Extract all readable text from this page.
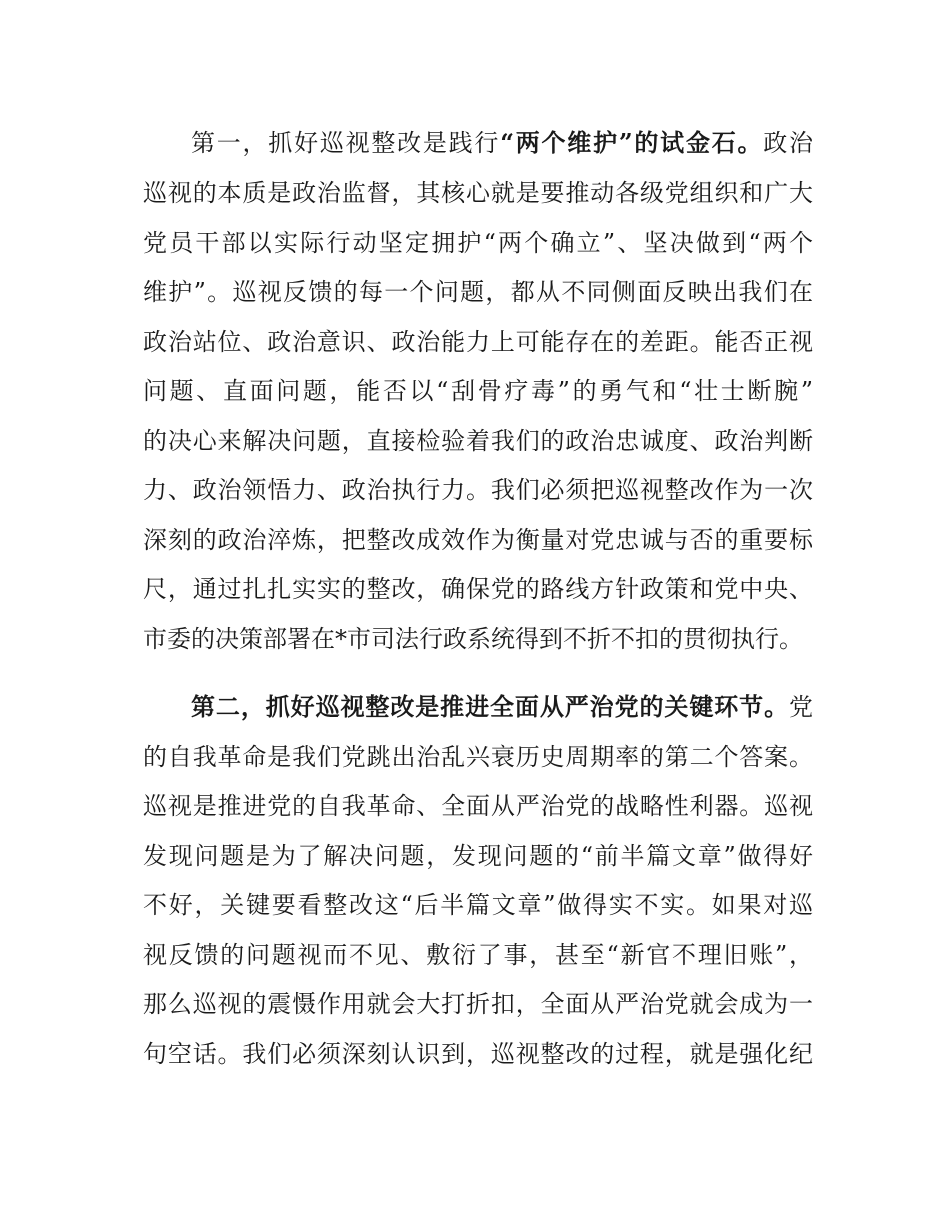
第一，抓好巡视整改是践行“两个维护”的试金石。政治
巡视的本质是政治监督，其核心就是要推动各级党组织和广大
党员干部以实际行动坚定拥护“两个确立”、坚决做到“两个
维护”。巡视反馈的每一个问题，都从不同侧面反映出我们在
政治站位、政治意识、政治能力上可能存在的差距。能否正视
问题、直面问题，能否以“刮骨疗毒”的勇气和“壮士断腕”
的决心来解决问题，直接检验着我们的政治忠诚度、政治判断
力、政治领悟力、政治执行力。我们必须把巡视整改作为一次
深刻的政治淬炼，把整改成效作为衡量对党忠诚与否的重要标
尺，通过扎扎实实的整改，确保党的路线方针政策和党中央、
市委的决策部署在*市司法行政系统得到不折不扣的贯彻执行。
第二，抓好巡视整改是推进全面从严治党的关键环节。党
的自我革命是我们党跳出治乱兴衰历史周期率的第二个答案。
巡视是推进党的自我革命、全面从严治党的战略性利器。巡视
发现问题是为了解决问题，发现问题的“前半篇文章”做得好
不好，关键要看整改这“后半篇文章”做得实不实。如果对巡
视反馈的问题视而不见、敷衍了事，甚至“新官不理旧账”，
那么巡视的震慑作用就会大打折扣，全面从严治党就会成为一
句空话。我们必须深刻认识到，巡视整改的过程，就是强化纪
